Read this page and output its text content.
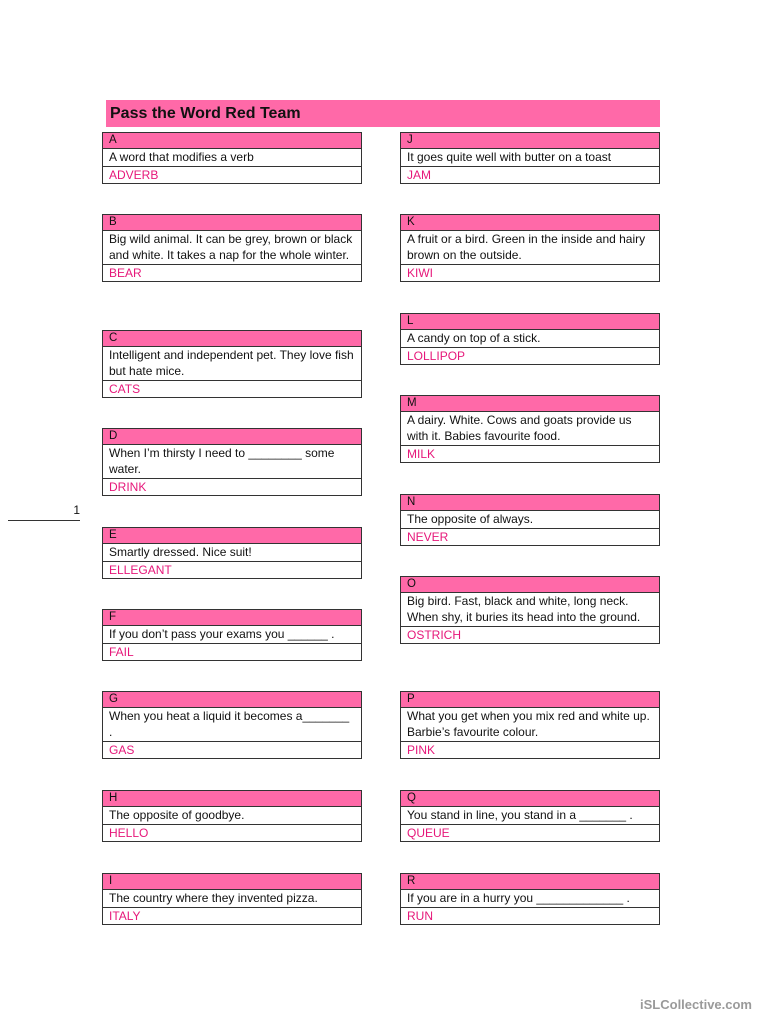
Pass the Word Red Team
1
A
A word that modifies a verb
ADVERB
B
Big wild animal. It can be grey, brown or black and white. It takes a nap for the whole winter.
BEAR
C
Intelligent and independent pet. They love fish but hate mice.
CATS
D
When I’m thirsty I need to ________ some water.
DRINK
E
Smartly dressed. Nice suit!
ELLEGANT
F
If you don’t pass your exams you ______ .
FAIL
G
When you heat a liquid it becomes a_______ .
GAS
H
The opposite of goodbye.
HELLO
I
The country where they invented pizza.
ITALY
J
It goes quite well with butter on a toast
JAM
K
A fruit or a bird. Green in the inside and hairy brown on the outside.
KIWI
L
A candy on top of a stick.
LOLLIPOP
M
A dairy. White. Cows and goats provide us with it. Babies favourite food.
MILK
N
The opposite of always.
NEVER
O
Big bird. Fast, black and white, long neck. When shy, it buries its head into the ground.
OSTRICH
P
What you get when you mix red and white up. Barbie’s favourite colour.
PINK
Q
You stand in line, you stand in a _______ .
QUEUE
R
If you are in a hurry you _____________ .
RUN
iSLCollective.com
